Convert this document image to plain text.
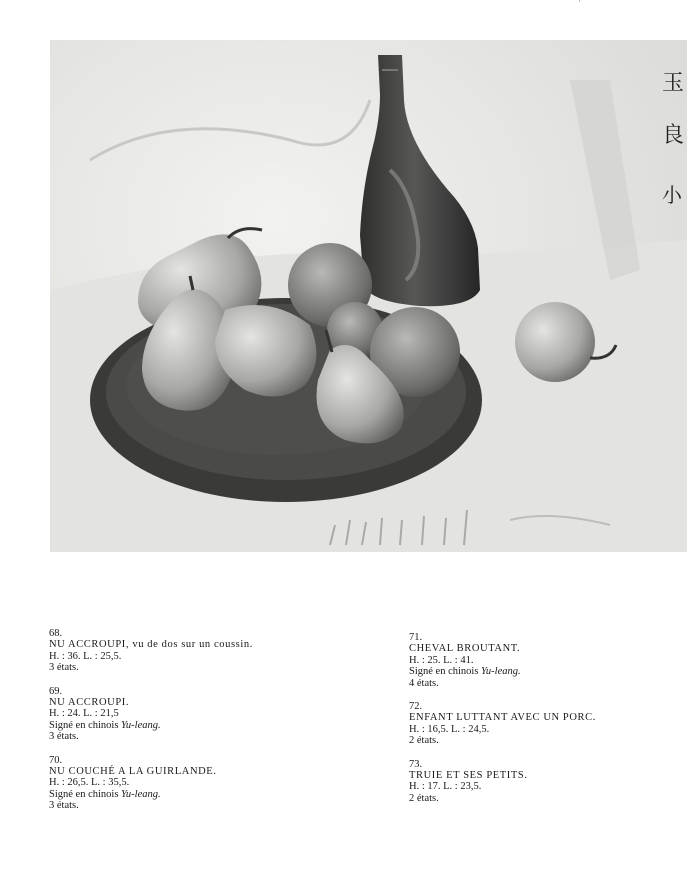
玉
良
小
68.
NU ACCROUPI, vu de dos sur un coussin.
H. : 36. L. : 25,5.
3 états.
69.
NU ACCROUPI.
H. : 24. L. : 21,5
Signé en chinois Yu-leang.
3 états.
70.
NU COUCHÉ A LA GUIRLANDE.
H. : 26,5. L. : 35,5.
Signé en chinois Yu-leang.
3 états.
71.
CHEVAL BROUTANT.
H. : 25. L. : 41.
Signé en chinois Yu-leang.
4 états.
72.
ENFANT LUTTANT AVEC UN PORC.
H. : 16,5. L. : 24,5.
2 états.
73.
TRUIE ET SES PETITS.
H. : 17. L. : 23,5.
2 états.
